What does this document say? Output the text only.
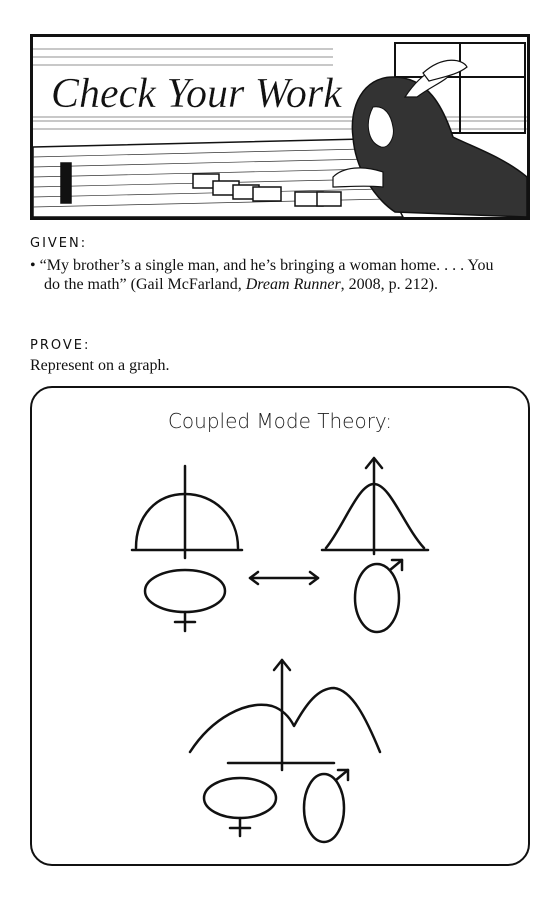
Check Your Work
GIVEN:
• “My brother’s a single man, and he’s bringing a woman home. . . . You do the math” (Gail McFarland, Dream Runner, 2008, p. 212).
PROVE:
Represent on a graph.
Coupled Mode Theory:
